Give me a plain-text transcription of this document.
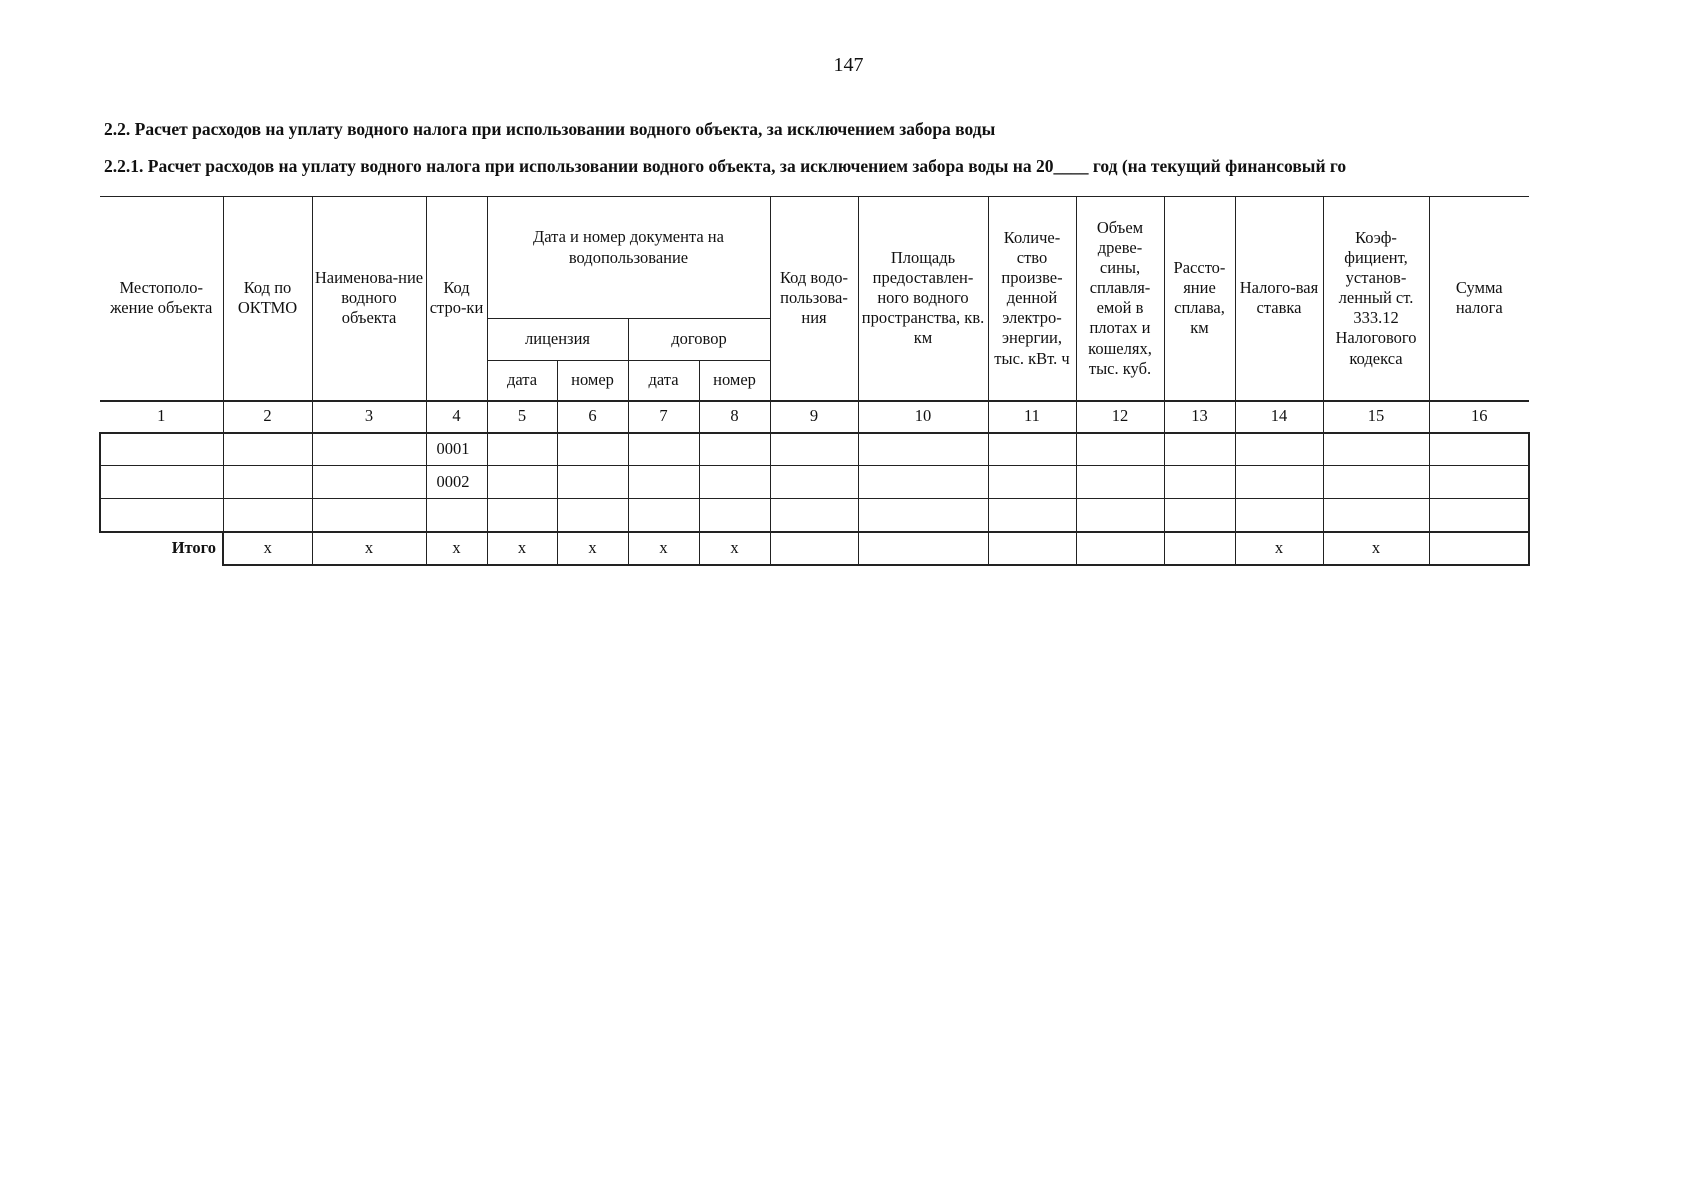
147
2.2. Расчет расходов на уплату водного налога при использовании водного объекта, за исключением забора воды
2.2.1. Расчет расходов на уплату водного налога при использовании водного объекта, за исключением забора воды на 20____ год (на текущий финансовый го
Местополо-жение объекта	Код по ОКТМО	Наименова-ние водного объекта	Код стро-ки	Дата и номер документа на водопользование				Код водо-пользова-ния	Площадь предоставлен-ного водного пространства, кв. км	Количе-ство произве-денной электро-энергии, тыс. кВт. ч	Объем древе-сины, сплавля-емой в плотах и кошелях, тыс. куб.	Рассто-яние сплава, км	Налого-вая ставка	Коэф-фициент, установ-ленный ст. 333.12 Налогового кодекса	Сумма налога
				лицензия		договор									
				дата	номер	дата	номер								
1	2	3	4	5	6	7	8	9	10	11	12	13	14	15	16
			0001												
			0002												

Итого	x	x	x	x	x	x	x						x	x	
